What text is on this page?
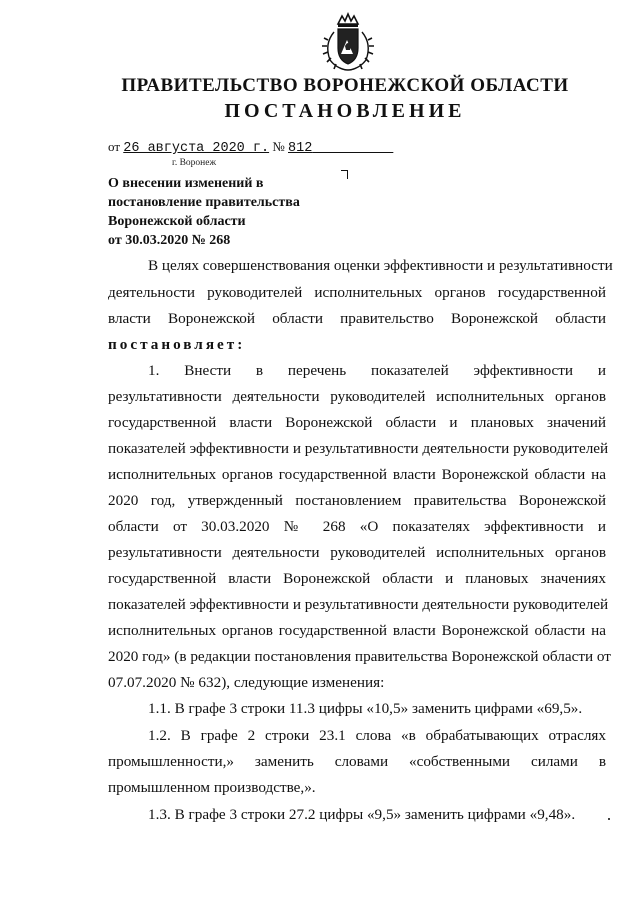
ПРАВИТЕЛЬСТВО ВОРОНЕЖСКОЙ ОБЛАСТИ
ПОСТАНОВЛЕНИЕ
от 26 августа 2020 г. № 812
г. Воронеж
О внесении изменений в
постановление правительства
Воронежской области
от 30.03.2020 № 268
В целях совершенствования оценки эффективности и результативности
деятельности руководителей исполнительных органов государственной
власти Воронежской области правительство Воронежской области
постановляет:
1. Внести в перечень показателей эффективности и
результативности деятельности руководителей исполнительных органов
государственной власти Воронежской области и плановых значений
показателей эффективности и результативности деятельности руководителей
исполнительных органов государственной власти Воронежской области на
2020 год, утвержденный постановлением правительства Воронежской
области от 30.03.2020 № 268 «О показателях эффективности и
результативности деятельности руководителей исполнительных органов
государственной власти Воронежской области и плановых значениях
показателей эффективности и результативности деятельности руководителей
исполнительных органов государственной власти Воронежской области на
2020 год» (в редакции постановления правительства Воронежской области от
07.07.2020 № 632), следующие изменения:
1.1. В графе 3 строки 11.3 цифры «10,5» заменить цифрами «69,5».
1.2. В графе 2 строки 23.1 слова «в обрабатывающих отраслях
промышленности,» заменить словами «собственными силами в
промышленном производстве,».
1.3. В графе 3 строки 27.2 цифры «9,5» заменить цифрами «9,48».
